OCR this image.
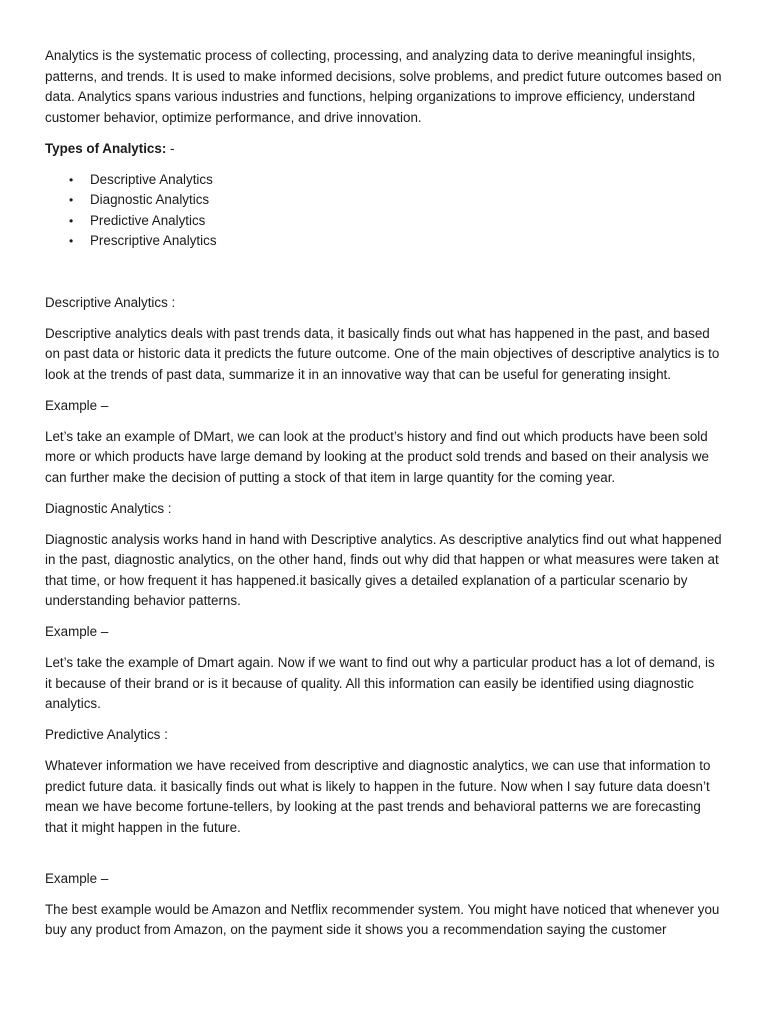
Analytics is the systematic process of collecting, processing, and analyzing data to derive meaningful insights, patterns, and trends. It is used to make informed decisions, solve problems, and predict future outcomes based on data. Analytics spans various industries and functions, helping organizations to improve efficiency, understand customer behavior, optimize performance, and drive innovation.

Types of Analytics: -

• Descriptive Analytics
• Diagnostic Analytics
• Predictive Analytics
• Prescriptive Analytics

Descriptive Analytics :

Descriptive analytics deals with past trends data, it basically finds out what has happened in the past, and based on past data or historic data it predicts the future outcome. One of the main objectives of descriptive analytics is to look at the trends of past data, summarize it in an innovative way that can be useful for generating insight.

Example –

Let’s take an example of DMart, we can look at the product’s history and find out which products have been sold more or which products have large demand by looking at the product sold trends and based on their analysis we can further make the decision of putting a stock of that item in large quantity for the coming year.

Diagnostic Analytics :

Diagnostic analysis works hand in hand with Descriptive analytics. As descriptive analytics find out what happened in the past, diagnostic analytics, on the other hand, finds out why did that happen or what measures were taken at that time, or how frequent it has happened.it basically gives a detailed explanation of a particular scenario by understanding behavior patterns.

Example –

Let’s take the example of Dmart again. Now if we want to find out why a particular product has a lot of demand, is it because of their brand or is it because of quality. All this information can easily be identified using diagnostic analytics.

Predictive Analytics :

Whatever information we have received from descriptive and diagnostic analytics, we can use that information to predict future data. it basically finds out what is likely to happen in the future. Now when I say future data doesn’t mean we have become fortune-tellers, by looking at the past trends and behavioral patterns we are forecasting that it might happen in the future.

Example –

The best example would be Amazon and Netflix recommender system. You might have noticed that whenever you buy any product from Amazon, on the payment side it shows you a recommendation saying the customer
